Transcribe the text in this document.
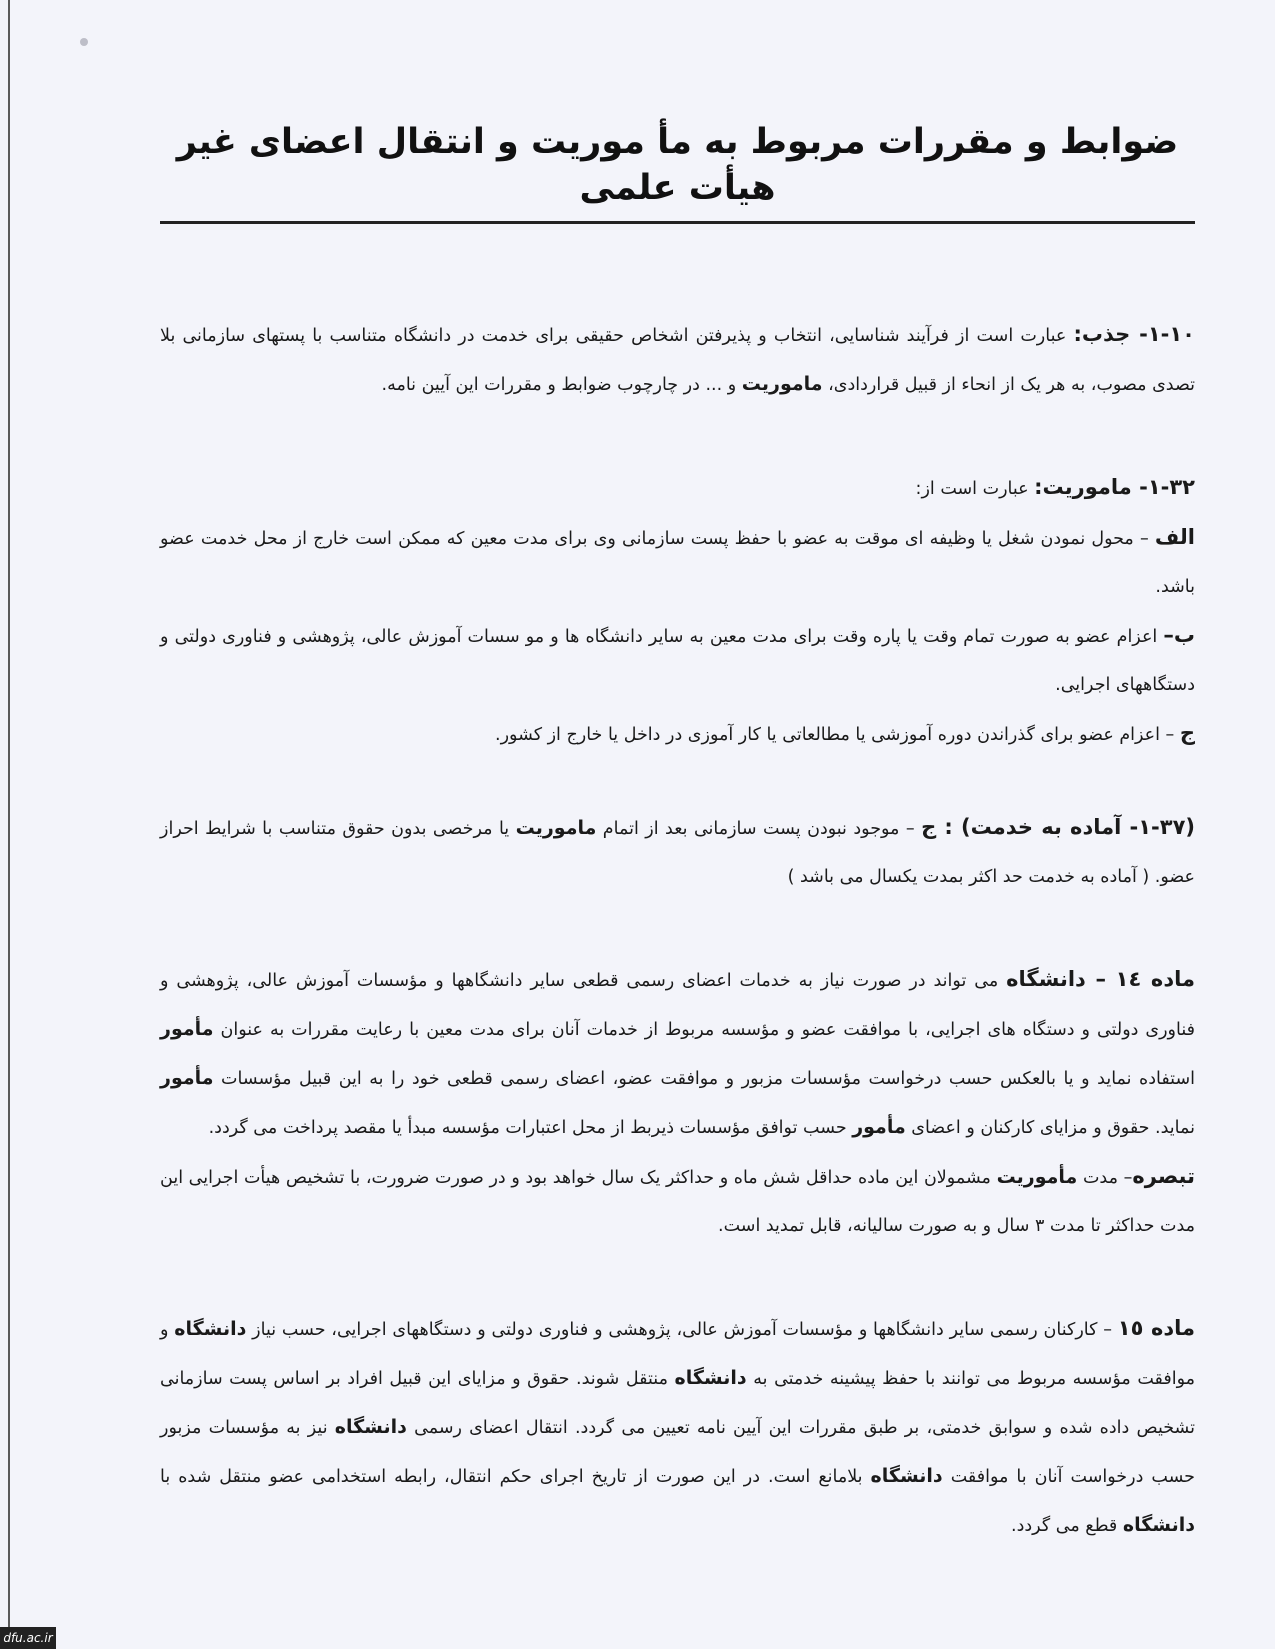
ضوابط و مقررات مربوط به مأ موریت و انتقال اعضای غیر هیأت علمی

۱-۱۰- جذب: عبارت است از فرآیند شناسایی، انتخاب و پذیرفتن اشخاص حقیقی برای خدمت در دانشگاه متناسب با پستهای سازمانی بلا تصدی مصوب، به هر یک از انحاء از قبیل قراردادی، ماموریت و ... در چارچوب ضوابط و مقررات این آیین نامه.

۱-۳۲- ماموریت: عبارت است از:

الف – محول نمودن شغل یا وظیفه ای موقت به عضو با حفظ پست سازمانی وی برای مدت معین که ممکن است خارج از محل خدمت عضو باشد.

ب– اعزام عضو به صورت تمام وقت یا پاره وقت برای مدت معین به سایر دانشگاه ها و مو سسات آموزش عالی، پژوهشی و فناوری دولتی و دستگاههای اجرایی.

ج – اعزام عضو برای گذراندن دوره آموزشی یا مطالعاتی یا کار آموزی در داخل یا خارج از کشور.

(۱-۳۷- آماده به خدمت) : ج – موجود نبودن پست سازمانی بعد از اتمام ماموریت یا مرخصی بدون حقوق متناسب با شرایط احراز عضو. ( آماده به خدمت حد اکثر بمدت یکسال می باشد )

ماده ١٤ – دانشگاه می تواند در صورت نیاز به خدمات اعضای رسمی قطعی سایر دانشگاهها و مؤسسات آموزش عالی، پژوهشی و فناوری دولتی و دستگاه های اجرایی، با موافقت عضو و مؤسسه مربوط از خدمات آنان برای مدت معین با رعایت مقررات به عنوان مأمور استفاده نماید و یا بالعکس حسب درخواست مؤسسات مزبور و موافقت عضو، اعضای رسمی قطعی خود را به این قبیل مؤسسات مأمور نماید. حقوق و مزایای کارکنان و اعضای مأمور حسب توافق مؤسسات ذیربط از محل اعتبارات مؤسسه مبدأ یا مقصد پرداخت می گردد.

تبصره– مدت مأموریت مشمولان این ماده حداقل شش ماه و حداکثر یک سال خواهد بود و در صورت ضرورت، با تشخیص هیأت اجرایی این مدت حداکثر تا مدت ٣ سال و به صورت سالیانه، قابل تمدید است.

ماده ١٥ – کارکنان رسمی سایر دانشگاهها و مؤسسات آموزش عالی، پژوهشی و فناوری دولتی و دستگاههای اجرایی، حسب نیاز دانشگاه و موافقت مؤسسه مربوط می توانند با حفظ پیشینه خدمتی به دانشگاه منتقل شوند. حقوق و مزایای این قبیل افراد بر اساس پست سازمانی تشخیص داده شده و سوابق خدمتی، بر طبق مقررات این آیین نامه تعیین می گردد. انتقال اعضای رسمی دانشگاه نیز به مؤسسات مزبور حسب درخواست آنان با موافقت دانشگاه بلامانع است. در این صورت از تاریخ اجرای حکم انتقال، رابطه استخدامی عضو منتقل شده با دانشگاه قطع می گردد.

dfu.ac.ir
